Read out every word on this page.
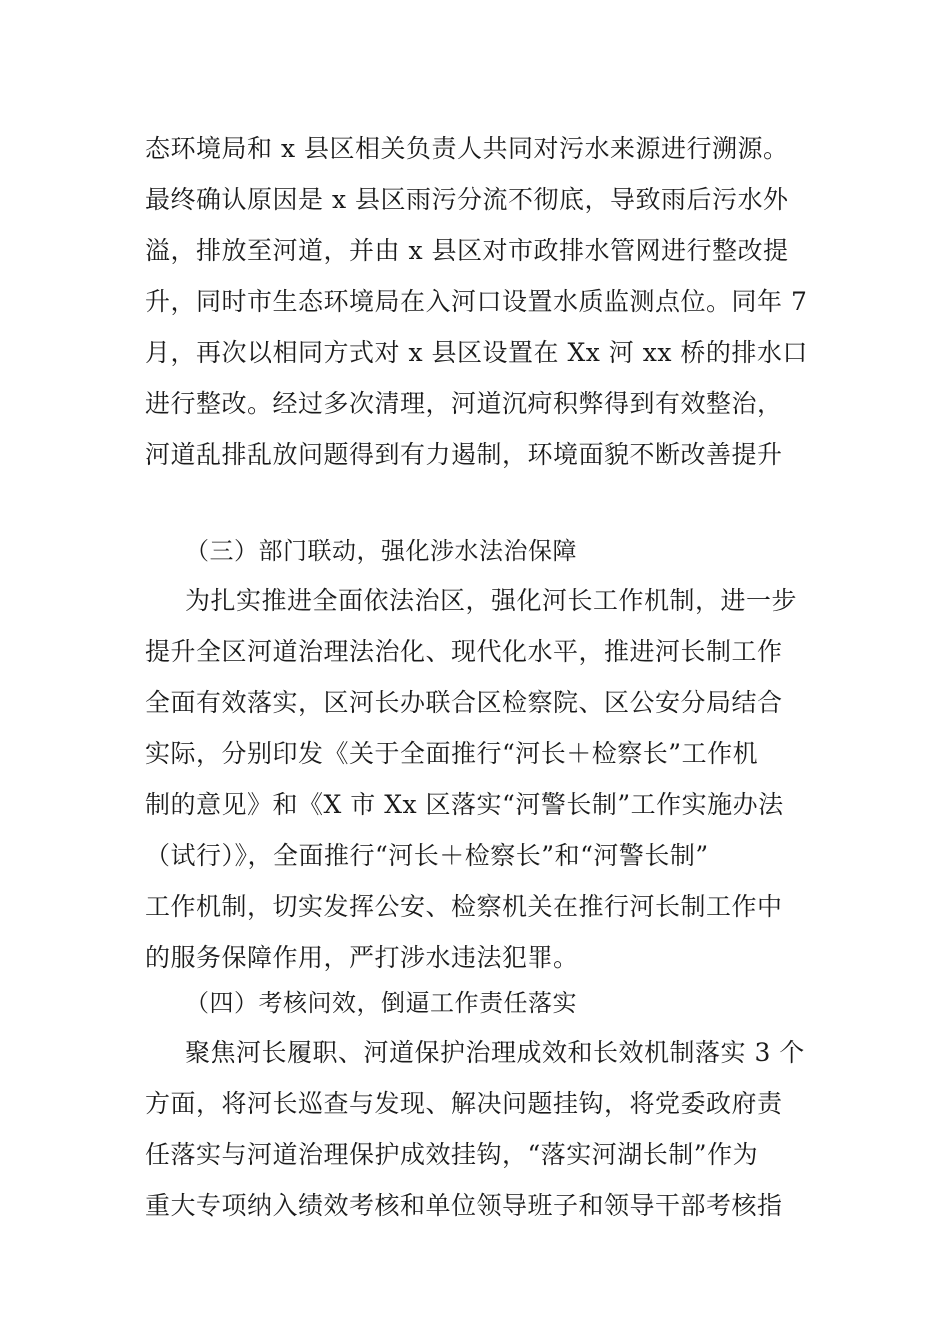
态环境局和 x 县区相关负责人共同对污水来源进行溯源。
最终确认原因是 x 县区雨污分流不彻底，导致雨后污水外
溢，排放至河道，并由 x 县区对市政排水管网进行整改提
升，同时市生态环境局在入河口设置水质监测点位。同年 7
月，再次以相同方式对 x 县区设置在 Xx 河 xx 桥的排水口
进行整改。经过多次清理，河道沉疴积弊得到有效整治，
河道乱排乱放问题得到有力遏制，环境面貌不断改善提升
（三）部门联动，强化涉水法治保障
为扎实推进全面依法治区，强化河长工作机制，进一步
提升全区河道治理法治化、现代化水平，推进河长制工作
全面有效落实，区河长办联合区检察院、区公安分局结合
实际，分别印发《关于全面推行“河长＋检察长”工作机
制的意见》和《X 市 Xx 区落实“河警长制”工作实施办法
（试行）》，全面推行“河长＋检察长”和“河警长制”
工作机制，切实发挥公安、检察机关在推行河长制工作中
的服务保障作用，严打涉水违法犯罪。
（四）考核问效，倒逼工作责任落实
聚焦河长履职、河道保护治理成效和长效机制落实 3 个
方面，将河长巡查与发现、解决问题挂钩，将党委政府责
任落实与河道治理保护成效挂钩，“落实河湖长制”作为
重大专项纳入绩效考核和单位领导班子和领导干部考核指
